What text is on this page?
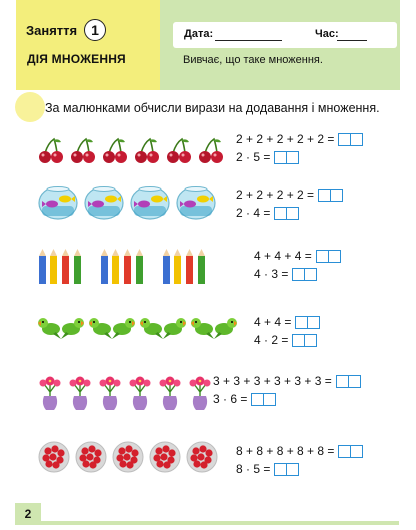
Заняття 1
ДІЯ МНОЖЕННЯ
Дата:	Час:
Вивчає, що таке множення.
За малюнками обчисли вирази на додавання і множення.
2 + 2 + 2 + 2 + 2 =
2 · 5 =
2 + 2 + 2 + 2 =
2 · 4 =
4 + 4 + 4 =
4 · 3 =
4 + 4 =
4 · 2 =
3 + 3 + 3 + 3 + 3 + 3 =
3 · 6 =
8 + 8 + 8 + 8 + 8 =
8 · 5 =
2
